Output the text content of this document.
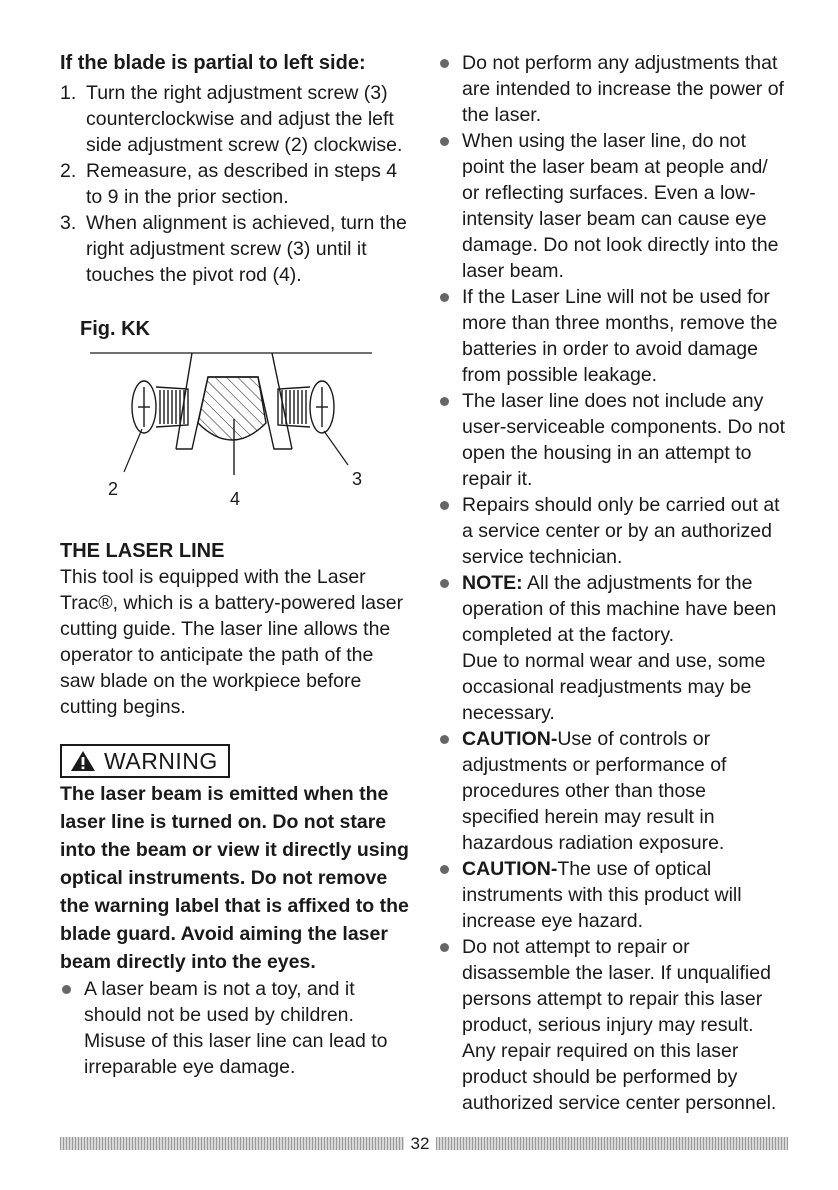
If the blade is partial to left side:

1. Turn the right adjustment screw (3) counterclockwise and adjust the left side adjustment screw (2) clockwise.
2. Remeasure, as described in steps 4 to 9 in the prior section.
3. When alignment is achieved, turn the right adjustment screw (3) until it touches the pivot rod (4).
Fig. KK
2	4
3
THE LASER LINE

This tool is equipped with the Laser Trac®, which is a battery-powered laser cutting guide. The laser line allows the operator to anticipate the path of the saw blade on the workpiece before cutting begins.

WARNING

The laser beam is emitted when the laser line is turned on. Do not stare into the beam or view it directly using optical instruments. Do not remove the warning label that is affixed to the blade guard. Avoid aiming the laser beam directly into the eyes.

A laser beam is not a toy, and it should not be used by children. Misuse of this laser line can lead to irreparable eye damage.
Do not perform any adjustments that are intended to increase the power of the laser.
When using the laser line, do not point the laser beam at people and/ or reflecting surfaces. Even a low-intensity laser beam can cause eye damage. Do not look directly into the laser beam.
If the Laser Line will not be used for more than three months, remove the batteries in order to avoid damage from possible leakage.
The laser line does not include any user-serviceable components. Do not open the housing in an attempt to repair it.
Repairs should only be carried out at a service center or by an authorized service technician.
NOTE: All the adjustments for the operation of this machine have been completed at the factory.
Due to normal wear and use, some occasional readjustments may be necessary.
CAUTION-Use of controls or adjustments or performance of procedures other than those specified herein may result in hazardous radiation exposure.
CAUTION-The use of optical instruments with this product will increase eye hazard.
Do not attempt to repair or disassemble the laser. If unqualified persons attempt to repair this laser product, serious injury may result. Any repair required on this laser product should be performed by authorized service center personnel.
32
